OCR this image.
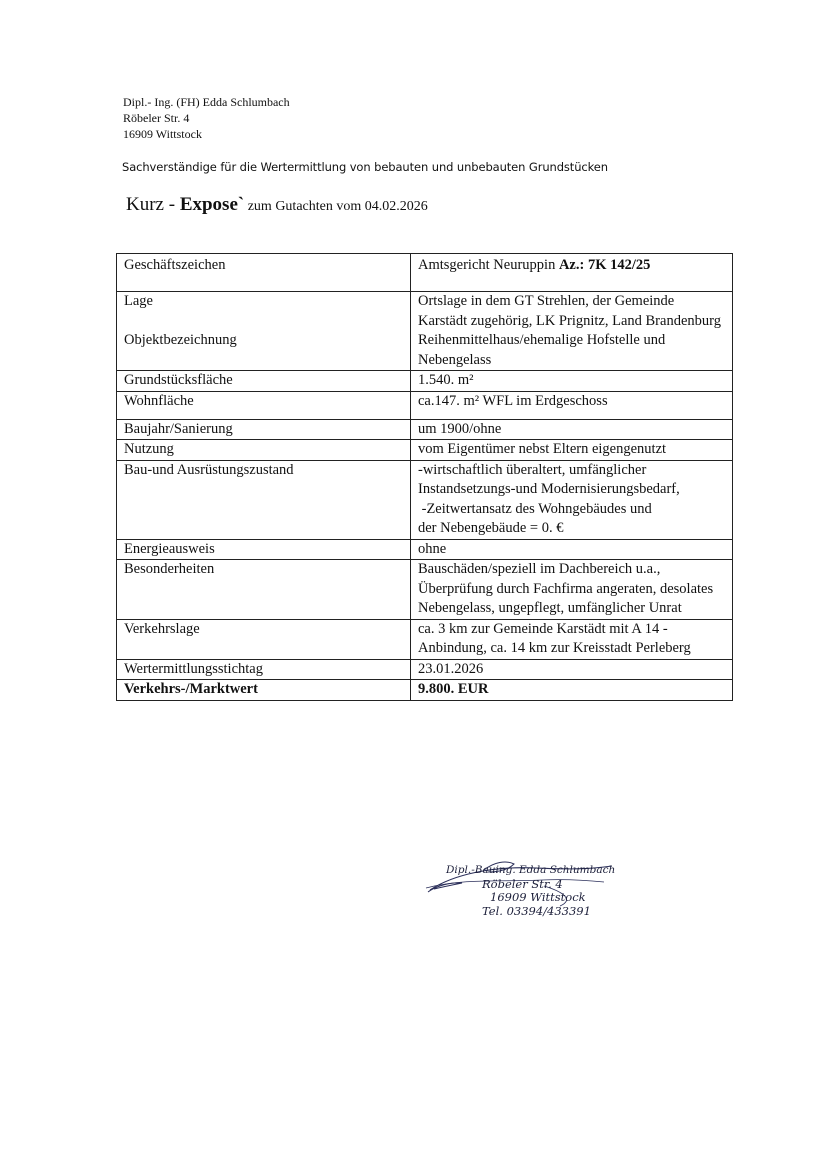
Dipl.- Ing. (FH) Edda Schlumbach
Röbeler Str. 4
16909 Wittstock
Sachverständige für die Wertermittlung von bebauten und unbebauten Grundstücken
Kurz - Expose` zum Gutachten vom 04.02.2026
Geschäftszeichen	Amtsgericht Neuruppin Az.: 7K 142/25
Lage	Ortslage in dem GT Strehlen, der Gemeinde Karstädt zugehörig, LK Prignitz, Land Brandenburg
Objektbezeichnung	Reihenmittelhaus/ehemalige Hofstelle und Nebengelass
Grundstücksfläche	1.540. m²
Wohnfläche	ca.147. m² WFL im Erdgeschoss
Baujahr/Sanierung	um 1900/ohne
Nutzung	vom Eigentümer nebst Eltern eigengenutzt
Bau-und Ausrüstungszustand	-wirtschaftlich überaltert, umfänglicher
Instandsetzungs-und Modernisierungsbedarf,
-Zeitwertansatz des Wohngebäudes und
der Nebengebäude = 0. €

Energieausweis	ohne
Besonderheiten	Bauschäden/speziell im Dachbereich u.a., Überprüfung durch Fachfirma angeraten, desolates Nebengelass, ungepflegt, umfänglicher Unrat
Verkehrslage	ca. 3 km zur Gemeinde Karstädt mit A 14 - Anbindung, ca. 14 km zur Kreisstadt Perleberg
Wertermittlungsstichtag	23.01.2026
Verkehrs-/Marktwert	9.800. EUR
Dipl.-Bauing. Edda Schlumbach
Röbeler Str. 4
16909 Wittstock
Tel. 03394/433391
